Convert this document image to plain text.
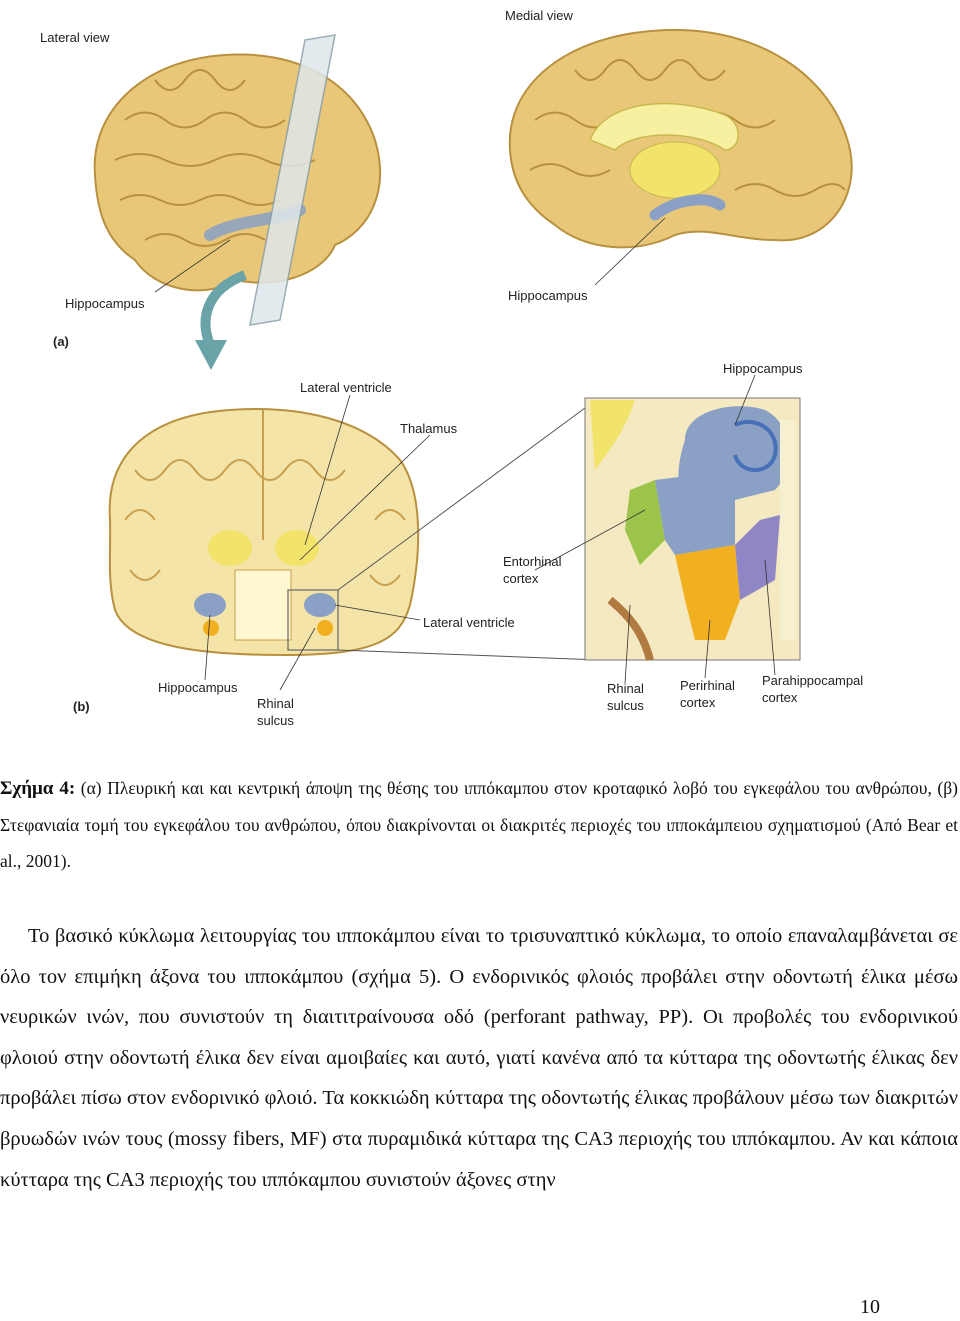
Lateral view
Medial view
Hippocampus
Hippocampus
(a)
Lateral ventricle
Thalamus
Hippocampus
Entorhinal
cortex
Lateral ventricle
Hippocampus
Rhinal
sulcus
Rhinal
sulcus
Perirhinal
cortex
Parahippocampal
cortex
(b)
Σχήμα 4: (α) Πλευρική και και κεντρική άποψη της θέσης του ιππόκαμπου στον κροταφικό λοβό του εγκεφάλου του ανθρώπου, (β) Στεφανιαία τομή του εγκεφάλου του ανθρώπου, όπου διακρίνονται οι διακριτές περιοχές του ιπποκάμπειου σχηματισμού (Από Bear et al., 2001).

Το βασικό κύκλωμα λειτουργίας του ιπποκάμπου είναι το τρισυναπτικό κύκλωμα, το οποίο επαναλαμβάνεται σε όλο τον επιμήκη άξονα του ιπποκάμπου (σχήμα 5). Ο ενδορινικός φλοιός προβάλει στην οδοντωτή έλικα μέσω νευρικών ινών, που συνιστούν τη διαιτιτραίνουσα οδό (perforant pathway, PP). Οι προβολές του ενδορινικού φλοιού στην οδοντωτή έλικα δεν είναι αμοιβαίες και αυτό, γιατί κανένα από τα κύτταρα της οδοντωτής έλικας δεν προβάλει πίσω στον ενδορινικό φλοιό. Τα κοκκιώδη κύτταρα της οδοντωτής έλικας προβάλουν μέσω των διακριτών βρυωδών ινών τους (mossy fibers, MF) στα πυραμιδικά κύτταρα της CA3 περιοχής του ιππόκαμπου. Αν και κάποια κύτταρα της CA3 περιοχής του ιππόκαμπου συνιστούν άξονες στην

10
